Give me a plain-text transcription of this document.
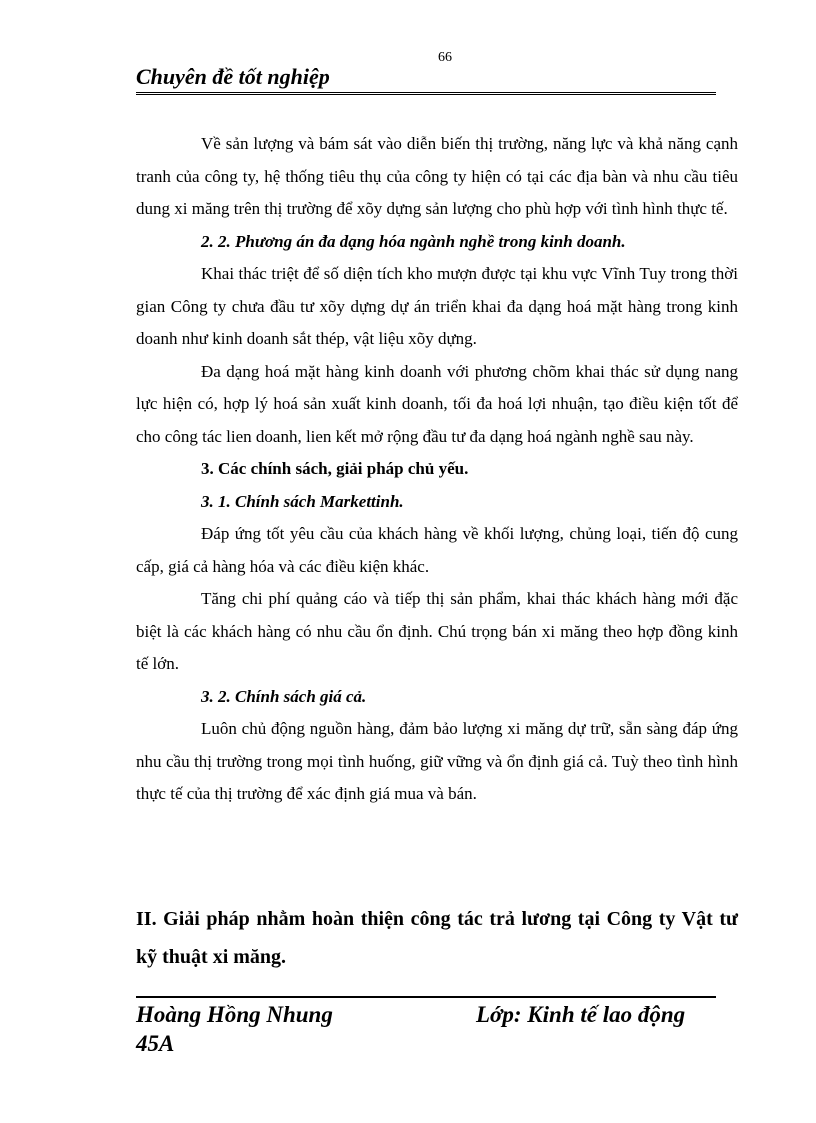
66
Chuyên đề tốt nghiệp

Về sản lượng và bám sát vào diễn biến thị trường, năng lực và khả năng cạnh tranh của công ty, hệ thống tiêu thụ của công ty hiện có tại các địa bàn và nhu cầu tiêu dung xi măng trên thị trường để xõy dựng sản lượng cho phù hợp với tình hình thực tế.

2. 2. Phương án đa dạng hóa ngành nghề trong kinh doanh.

Khai thác triệt để số diện tích kho mượn được tại khu vực Vĩnh Tuy trong thời gian Công ty chưa đầu tư xõy dựng dự án triển khai đa dạng hoá mặt hàng trong kinh doanh như kinh doanh sắt thép, vật liệu xõy dựng.

Đa dạng hoá mặt hàng kinh doanh với phương chõm khai thác sử dụng nang lực hiện có, hợp lý hoá sản xuất kinh doanh, tối đa hoá lợi nhuận, tạo điều kiện tốt để cho công tác lien doanh, lien kết mở rộng đầu tư đa dạng hoá ngành nghề sau này.

3. Các chính sách, giải pháp chủ yếu.

3. 1. Chính sách Markettinh.

Đáp ứng tốt yêu cầu của khách hàng về khối lượng, chủng loại, tiến độ cung cấp, giá cả hàng hóa và các điều kiện khác.

Tăng chi phí quảng cáo và tiếp thị sản phẩm, khai thác khách hàng mới đặc biệt là các khách hàng có nhu cầu ổn định. Chú trọng bán xi măng theo hợp đồng kinh tế lớn.

3. 2. Chính sách giá cả.

Luôn chủ động nguồn hàng, đảm bảo lượng xi măng dự trữ, sẵn sàng đáp ứng nhu cầu thị trường trong mọi tình huống, giữ vững và ổn định giá cả. Tuỳ theo tình hình thực tế của thị trường để xác định giá mua và bán.

II. Giải pháp nhằm hoàn thiện công tác trả lương tại Công ty Vật tư kỹ thuật xi măng.

Hoàng Hồng Nhung	Lớp: Kinh tế lao động
45A
